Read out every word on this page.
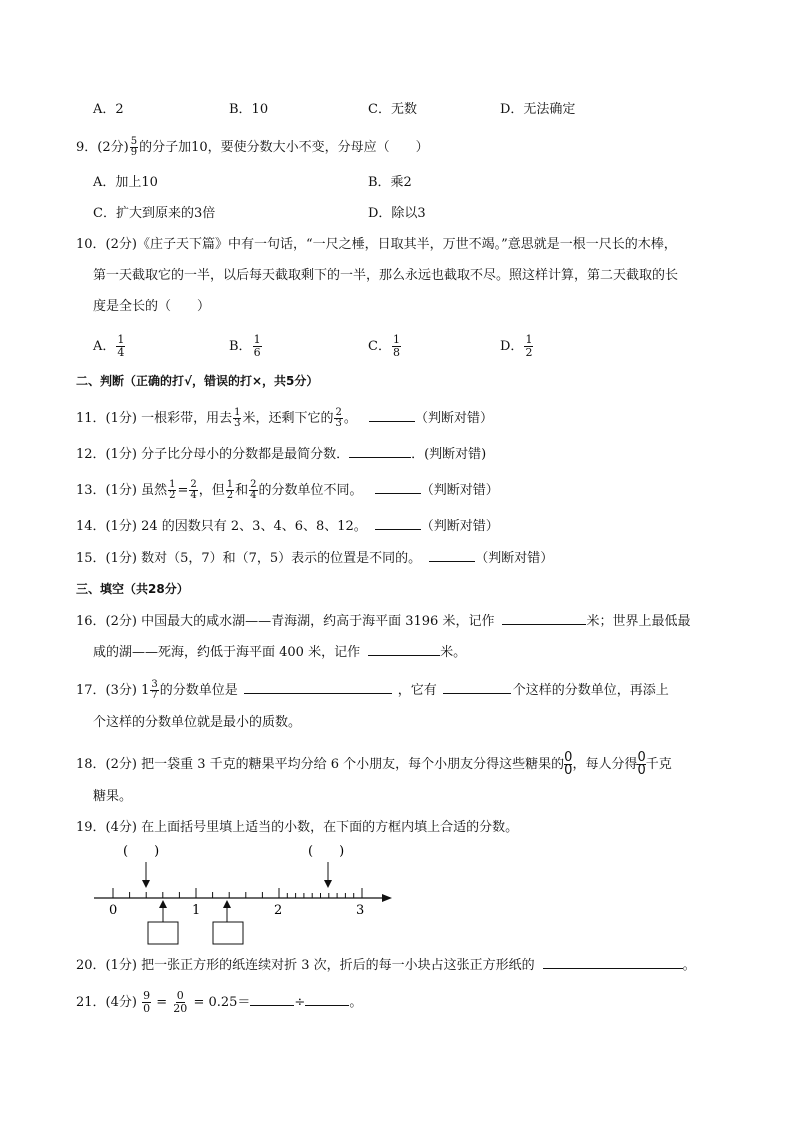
A．2	B．10	C．无数	D．无法确定
9．(2分) $\frac{5}{9}$ 的分子加10，要使分数大小不变，分母应（　　）
A．加上10	B．乘2
C．扩大到原来的3倍	D．除以3
10．(2分)《庄子天下篇》中有一句话，“一尺之棰，日取其半，万世不竭。”意思就是一根一尺长的木棒，
第一天截取它的一半，以后每天截取剩下的一半，那么永远也截取不尽。照这样计算，第二天截取的长
度是全长的（　　）
A． $\frac{1}{4}$	B． $\frac{1}{6}$	C． $\frac{1}{8}$	D． $\frac{1}{2}$
二、判断（正确的打√，错误的打×，共5分）
11．(1分) 一根彩带，用去 $\frac{1}{3}$ 米，还剩下它的 $\frac{2}{3}$ 。	（判断对错）
12．(1分) 分子比分母小的分数都是最简分数．	．(判断对错)
13．(1分) 虽然 $\frac{1}{2} = \frac{2}{4}$ ，但 $\frac{1}{2}$ 和 $\frac{2}{4}$ 的分数单位不同。	（判断对错）
14．(1分) 24 的因数只有 2、3、4、6、8、12。	（判断对错）
15．(1分) 数对（5，7）和（7，5）表示的位置是不同的。	（判断对错）
三、填空（共28分）
16．(2分) 中国最大的咸水湖——青海湖，约高于海平面 3196 米，记作	米；世界上最低最
咸的湖——死海，约低于海平面 400 米，记作	米。
17．(3分) $1 \frac{3}{7}$ 的分数单位是	，它有	个这样的分数单位，再添上
个这样的分数单位就是最小的质数。
18．(2分) 把一袋重 3 千克的糖果平均分给 6 个小朋友，每个小朋友分得这些糖果的 $\frac{0}{0}$ ，每人分得 $\frac{0}{0}$ 千克
糖果。
19．(4分) 在上面括号里填上适当的小数，在下面的方框内填上合适的分数。
(　　)	(　　)
0	1	2	3
20．(1分) 把一张正方形的纸连续对折 3 次，折后的每一小块占这张正方形纸的	。
21．(4分) $\frac{9}{0} = \frac{0}{20} = 0.25=$	÷	。
